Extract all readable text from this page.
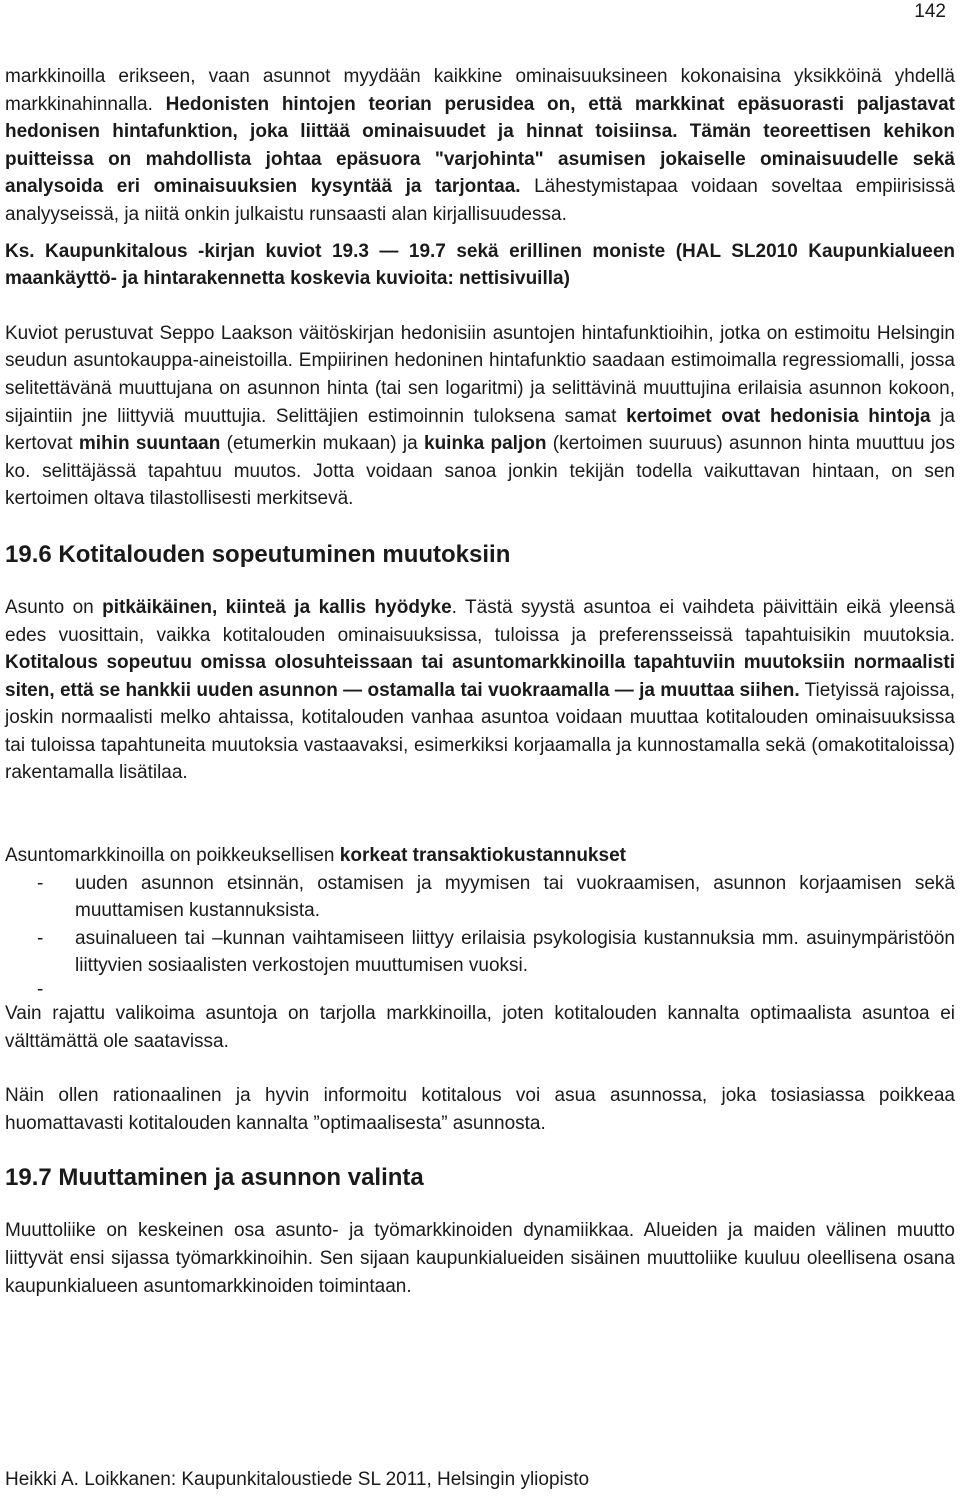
142

markkinoilla erikseen, vaan asunnot myydään kaikkine ominaisuuksineen kokonaisina yksikköinä yhdellä markkinahinnalla. Hedonisten hintojen teorian perusidea on, että markkinat epäsuorasti paljastavat hedonisen hintafunktion, joka liittää ominaisuudet ja hinnat toisiinsa. Tämän teoreettisen kehikon puitteissa on mahdollista johtaa epäsuora "varjohinta" asumisen jokaiselle ominaisuudelle sekä analysoida eri ominaisuuksien kysyntää ja tarjontaa. Lähestymistapaa voidaan soveltaa empiirisissä analyyseissä, ja niitä onkin julkaistu runsaasti alan kirjallisuudessa.

Ks. Kaupunkitalous -kirjan kuviot 19.3 — 19.7 sekä erillinen moniste (HAL SL2010 Kaupunkialueen maankäyttö- ja hintarakennetta koskevia kuvioita: nettisivuilla)

Kuviot perustuvat Seppo Laakson väitöskirjan hedonisiin asuntojen hintafunktioihin, jotka on estimoitu Helsingin seudun asuntokauppa-aineistoilla. Empiirinen hedoninen hintafunktio saadaan estimoimalla regressiomalli, jossa selitettävänä muuttujana on asunnon hinta (tai sen logaritmi) ja selittävinä muuttujina erilaisia asunnon kokoon, sijaintiin jne liittyviä muuttujia. Selittäjien estimoinnin tuloksena samat kertoimet ovat hedonisia hintoja ja kertovat mihin suuntaan (etumerkin mukaan) ja kuinka paljon (kertoimen suuruus) asunnon hinta muuttuu jos ko. selittäjässä tapahtuu muutos. Jotta voidaan sanoa jonkin tekijän todella vaikuttavan hintaan, on sen kertoimen oltava tilastollisesti merkitsevä.

19.6 Kotitalouden sopeutuminen muutoksiin

Asunto on pitkäikäinen, kiinteä ja kallis hyödyke. Tästä syystä asuntoa ei vaihdeta päivittäin eikä yleensä edes vuosittain, vaikka kotitalouden ominaisuuksissa, tuloissa ja preferensseissä tapahtuisikin muutoksia. Kotitalous sopeutuu omissa olosuhteissaan tai asuntomarkkinoilla tapahtuviin muutoksiin normaalisti siten, että se hankkii uuden asunnon — ostamalla tai vuokraamalla — ja muuttaa siihen. Tietyissä rajoissa, joskin normaalisti melko ahtaissa, kotitalouden vanhaa asuntoa voidaan muuttaa kotitalouden ominaisuuksissa tai tuloissa tapahtuneita muutoksia vastaavaksi, esimerkiksi korjaamalla ja kunnostamalla sekä (omakotitaloissa) rakentamalla lisätilaa.

Asuntomarkkinoilla on poikkeuksellisen korkeat transaktiokustannukset

- uuden asunnon etsinnän, ostamisen ja myymisen tai vuokraamisen, asunnon korjaamisen sekä muuttamisen kustannuksista.
- asuinalueen tai –kunnan vaihtamiseen liittyy erilaisia psykologisia kustannuksia mm. asuinympäristöön liittyvien sosiaalisten verkostojen muuttumisen vuoksi.
-

Vain rajattu valikoima asuntoja on tarjolla markkinoilla, joten kotitalouden kannalta optimaalista asuntoa ei välttämättä ole saatavissa.

Näin ollen rationaalinen ja hyvin informoitu kotitalous voi asua asunnossa, joka tosiasiassa poikkeaa huomattavasti kotitalouden kannalta ”optimaalisesta” asunnosta.

19.7 Muuttaminen ja asunnon valinta

Muuttoliike on keskeinen osa asunto- ja työmarkkinoiden dynamiikkaa. Alueiden ja maiden välinen muutto liittyvät ensi sijassa työmarkkinoihin. Sen sijaan kaupunkialueiden sisäinen muuttoliike kuuluu oleellisena osana kaupunkialueen asuntomarkkinoiden toimintaan.

Heikki A. Loikkanen: Kaupunkitaloustiede SL 2011, Helsingin yliopisto
